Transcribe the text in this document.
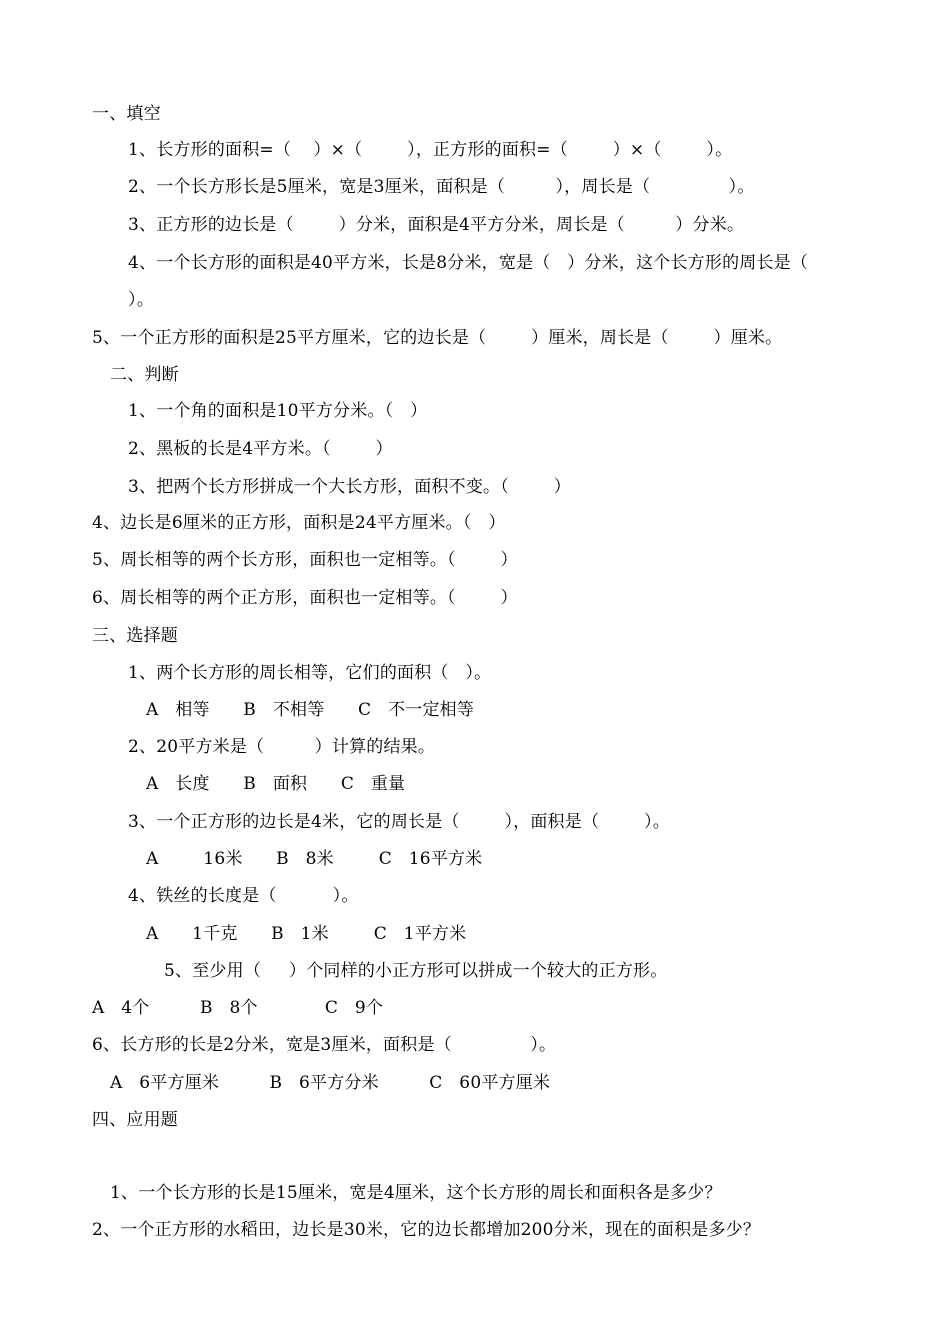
一、填空
1、长方形的面积=（    ）×（        ），正方形的面积=（        ）×（        ）。
2、一个长方形长是5厘米，宽是3厘米，面积是（         ），周长是（              ）。
3、正方形的边长是（        ）分米，面积是4平方分米，周长是（         ）分米。
4、一个长方形的面积是40平方米，长是8分米，宽是（   ）分米，这个长方形的周长是（
）。
5、一个正方形的面积是25平方厘米，它的边长是（        ）厘米，周长是（        ）厘米。
二、判断
1、一个角的面积是10平方分米。（   ）
2、黑板的长是4平方米。（        ）
3、把两个长方形拼成一个大长方形，面积不变。（        ）
4、边长是6厘米的正方形，面积是24平方厘米。（   ）
5、周长相等的两个长方形，面积也一定相等。（        ）
6、周长相等的两个正方形，面积也一定相等。（        ）
三、选择题
1、两个长方形的周长相等，它们的面积（   ）。
A   相等      B   不相等      C   不一定相等
2、20平方米是（         ）计算的结果。
A   长度      B   面积      C   重量
3、一个正方形的边长是4米，它的周长是（        ），面积是（        ）。
A        16米      B   8米        C   16平方米
4、铁丝的长度是（          ）。
A      1千克      B   1米        C   1平方米
5、至少用（     ）个同样的小正方形可以拼成一个较大的正方形。
A   4个         B   8个            C   9个
6、长方形的长是2分米，宽是3厘米，面积是（              ）。
A   6平方厘米         B   6平方分米         C   60平方厘米
四、应用题
1、一个长方形的长是15厘米，宽是4厘米，这个长方形的周长和面积各是多少？
2、一个正方形的水稻田，边长是30米，它的边长都增加200分米，现在的面积是多少？
